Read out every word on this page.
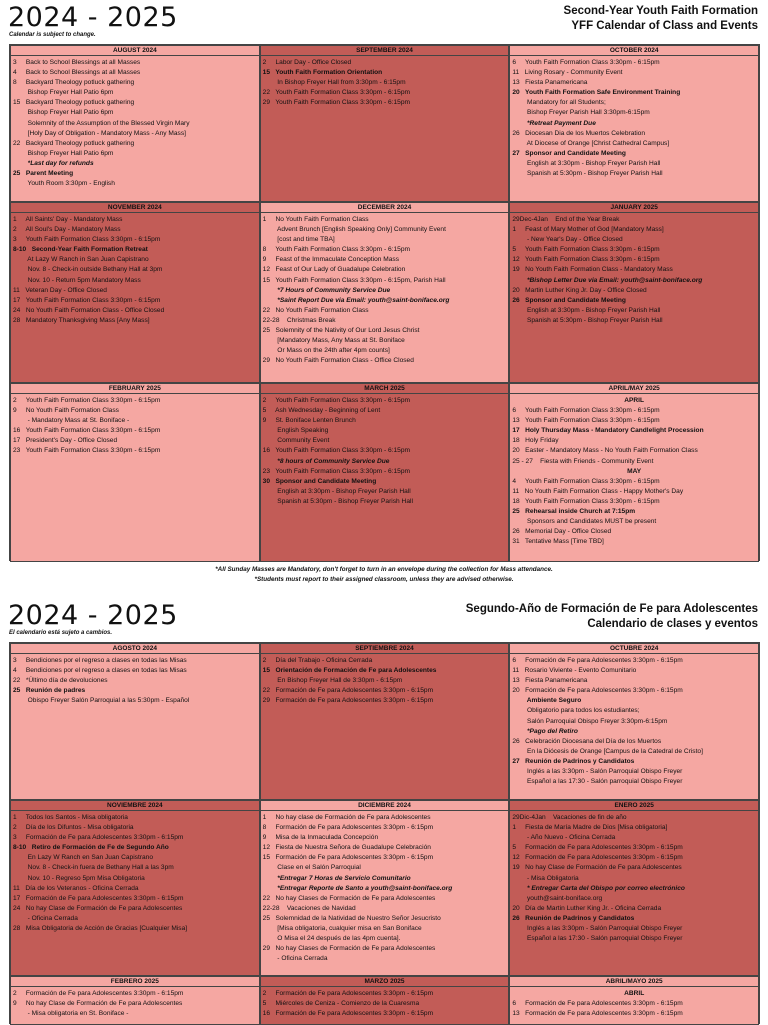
2024 - 2025
Calendar is subject to change.
Second-Year Youth Faith Formation
YFF Calendar of Class and Events
AUGUST 2024
3     Back to School Blessings at all Masses
4     Back to School Blessings at all Masses
8     Backyard Theology potluck gathering
Bishop Freyer Hall Patio 6pm
15   Backyard Theology potluck gathering
Bishop Freyer Hall Patio 6pm
Solemnity of the Assumption of the Blessed Virgin Mary
[Holy Day of Obligation - Mandatory Mass - Any Mass]
22   Backyard Theology potluck gathering
Bishop Freyer Hall Patio 6pm
*Last day for refunds
25   Parent Meeting
Youth Room 3:30pm - English
SEPTEMBER 2024
2     Labor Day - Office Closed
15   Youth Faith Formation Orientation
In Bishop Freyer Hall from 3:30pm - 6:15pm
22   Youth Faith Formation Class 3:30pm - 6:15pm
29   Youth Faith Formation Class 3:30pm - 6:15pm
OCTOBER 2024
6     Youth Faith Formation Class 3:30pm - 6:15pm
11   Living Rosary - Community Event
13   Fiesta Panamericana
20   Youth Faith Formation Safe Environment Training
Mandatory for all Students;
Bishop Freyer Parish Hall 3:30pm-6:15pm
*Retreat Payment Due
26   Diocesan Dia de los Muertos Celebration
At Diocese of Orange [Christ Cathedral Campus]
27   Sponsor and Candidate Meeting
English at 3:30pm - Bishop Freyer Parish Hall
Spanish at 5:30pm - Bishop Freyer Parish Hall
NOVEMBER 2024
1     All Saints' Day - Mandatory Mass
2     All Soul's Day - Mandatory Mass
3     Youth Faith Formation Class 3:30pm - 6:15pm
8-10   Second-Year Faith Formation Retreat
At Lazy W Ranch in San Juan Capistrano
Nov. 8 - Check-in outside Bethany Hall at 3pm
Nov. 10 - Return 5pm Mandatory Mass
11   Veteran Day - Office Closed
17   Youth Faith Formation Class 3:30pm - 6:15pm
24   No Youth Faith Formation Class - Office Closed
28   Mandatory Thanksgiving Mass [Any Mass]
DECEMBER 2024
1     No Youth Faith Formation Class
Advent Brunch [English Speaking Only] Community Event
[cost and time TBA]
8     Youth Faith Formation Class 3:30pm - 6:15pm
9     Feast of the Immaculate Conception Mass
12   Feast of Our Lady of Guadalupe Celebration
15   Youth Faith Formation Class 3:30pm - 6:15pm, Parish Hall
*7 Hours of Community Service Due
*Saint Report Due via Email: youth@saint-boniface.org
22   No Youth Faith Formation Class
22-28    Christmas Break
25   Solemnity of the Nativity of Our Lord Jesus Christ
[Mandatory Mass, Any Mass at St. Boniface
Or Mass on the 24th after 4pm counts]
29   No Youth Faith Formation Class - Office Closed
JANUARY 2025
29Dec-4Jan    End of the Year Break
1     Feast of Mary Mother of God [Mandatory Mass]
- New Year's Day - Office Closed
5     Youth Faith Formation Class 3:30pm - 6:15pm
12   Youth Faith Formation Class 3:30pm - 6:15pm
19   No Youth Faith Formation Class - Mandatory Mass
*Bishop Letter Due via Email: youth@saint-boniface.org
20   Martin Luther King Jr. Day - Office Closed
26   Sponsor and Candidate Meeting
English at 3:30pm - Bishop Freyer Parish Hall
Spanish at 5:30pm - Bishop Freyer Parish Hall
FEBRUARY 2025
2     Youth Faith Formation Class 3:30pm - 6:15pm
9     No Youth Faith Formation Class
- Mandatory Mass at St. Boniface -
16   Youth Faith Formation Class 3:30pm - 6:15pm
17   President's Day - Office Closed
23   Youth Faith Formation Class 3:30pm - 6:15pm
MARCH 2025
2     Youth Faith Formation Class 3:30pm - 6:15pm
5     Ash Wednesday - Beginning of Lent
9     St. Boniface Lenten Brunch
English Speaking
Community Event
16   Youth Faith Formation Class 3:30pm - 6:15pm
*8 hours of Community Service Due
23   Youth Faith Formation Class 3:30pm - 6:15pm
30   Sponsor and Candidate Meeting
English at 3:30pm - Bishop Freyer Parish Hall
Spanish at 5:30pm - Bishop Freyer Parish Hall
APRIL/MAY 2025
APRIL
6     Youth Faith Formation Class 3:30pm - 6:15pm
13   Youth Faith Formation Class 3:30pm - 6:15pm
17   Holy Thursday Mass - Mandatory Candlelight Procession
18   Holy Friday
20   Easter - Mandatory Mass - No Youth Faith Formation Class
25 - 27    Fiesta with Friends - Community Event
MAY
4     Youth Faith Formation Class 3:30pm - 6:15pm
11   No Youth Faith Formation Class - Happy Mother's Day
18   Youth Faith Formation Class 3:30pm - 6:15pm
25   Rehearsal inside Church at 7:15pm
Sponsors and Candidates MUST be present
26   Memorial Day - Office Closed
31   Tentative Mass [Time TBD]
*All Sunday Masses are Mandatory, don't forget to turn in an envelope during the collection for Mass attendance.
*Students must report to their assigned classroom, unless they are advised otherwise.
2024 - 2025
El calendario está sujeto a cambios.
Segundo-Año de Formación de Fe para Adolescentes
Calendario de clases y eventos
AGOSTO 2024
3     Bendiciones por el regreso a clases en todas las Misas
4     Bendiciones por el regreso a clases en todas las Misas
22   *Último día de devoluciones
25   Reunión de padres
Obispo Freyer Salón Parroquial a las 5:30pm - Español
SEPTIEMBRE 2024
2     Día del Trabajo - Oficina Cerrada
15   Orientación de Formación de Fe para Adolescentes
En Bishop Freyer Hall de 3:30pm - 6:15pm
22   Formación de Fe para Adolescentes 3:30pm - 6:15pm
29   Formación de Fe para Adolescentes 3:30pm - 6:15pm
OCTUBRE 2024
6     Formación de Fe para Adolescentes 3:30pm - 6:15pm
11   Rosario Viviente - Evento Comunitario
13   Fiesta Panamericana
20   Formación de Fe para Adolescentes 3:30pm - 6:15pm
Ambiente Seguro
Obligatorio para todos los estudiantes;
Salón Parroquial Obispo Freyer 3:30pm-6:15pm
*Pago del Retiro
26   Celebración Diocesana del Día de los Muertos
En la Diócesis de Orange [Campus de la Catedral de Cristo]
27   Reunión de Padrinos y Candidatos
Inglés a las 3:30pm - Salón Parroquial Obispo Freyer
Español a las 17:30 - Salón parroquial Obispo Freyer
NOVIEMBRE 2024
1     Todos los Santos - Misa obligatoria
2     Día de los Difuntos - Misa obligatoria
3     Formación de Fe para Adolescentes 3:30pm - 6:15pm
8-10   Retiro de Formación de Fe de Segundo Año
En Lazy W Ranch en San Juan Capistrano
Nov. 8 - Check-in fuera de Bethany Hall a las 3pm
Nov. 10 - Regreso 5pm Misa Obligatoria
11   Día de los Veteranos - Oficina Cerrada
17   Formación de Fe para Adolescentes 3:30pm - 6:15pm
24   No hay Clase de Formación de Fe para Adolescentes
- Oficina Cerrada
28   Misa Obligatoria de Acción de Gracias [Cualquier Misa]
DICIEMBRE 2024
1     No hay clase de Formación de Fe para Adolescentes
8     Formación de Fe para Adolescentes 3:30pm - 6:15pm
9     Misa de la Inmaculada Concepción
12   Fiesta de Nuestra Señora de Guadalupe Celebración
15   Formación de Fe para Adolescentes 3:30pm - 6:15pm
Clase en el Salón Parroquial
*Entregar 7 Horas de Servicio Comunitario
*Entregar Reporte de Santo a youth@saint-boniface.org
22   No hay Clases de Formación de Fe para Adolescentes
22-28    Vacaciones de Navidad
25   Solemnidad de la Natividad de Nuestro Señor Jesucristo
[Misa obligatoria, cualquier misa en San Boniface
O Misa el 24 después de las 4pm cuenta].
29   No hay Clases de Formación de Fe para Adolescentes
- Oficina Cerrada
ENERO 2025
29Dic-4Jan    Vacaciones de fin de año
1     Fiesta de María Madre de Dios [Misa obligatoria]
- Año Nuevo - Oficina Cerrada
5     Formación de Fe para Adolescentes 3:30pm - 6:15pm
12   Formación de Fe para Adolescentes 3:30pm - 6:15pm
19   No hay Clase de Formación de Fe para Adolescentes
- Misa Obligatoria
* Entregar Carta del Obispo por correo electrónico
youth@saint-boniface.org
20   Día de Martin Luther King Jr. - Oficina Cerrada
26   Reunión de Padrinos y Candidatos
Inglés a las 3:30pm - Salón Parroquial Obispo Freyer
Español a las 17:30 - Salón parroquial Obispo Freyer
FEBRERO 2025
2     Formación de Fe para Adolescentes 3:30pm - 6:15pm
9     No hay Clase de Formación de Fe para Adolescentes
- Misa obligatoria en St. Boniface -
MARZO 2025
2     Formación de Fe para Adolescentes 3:30pm - 6:15pm
5     Miércoles de Ceniza - Comienzo de la Cuaresma
16   Formación de Fe para Adolescentes 3:30pm - 6:15pm
ABRIL/MAYO 2025
ABRIL
6     Formación de Fe para Adolescentes 3:30pm - 6:15pm
13   Formación de Fe para Adolescentes 3:30pm - 6:15pm
